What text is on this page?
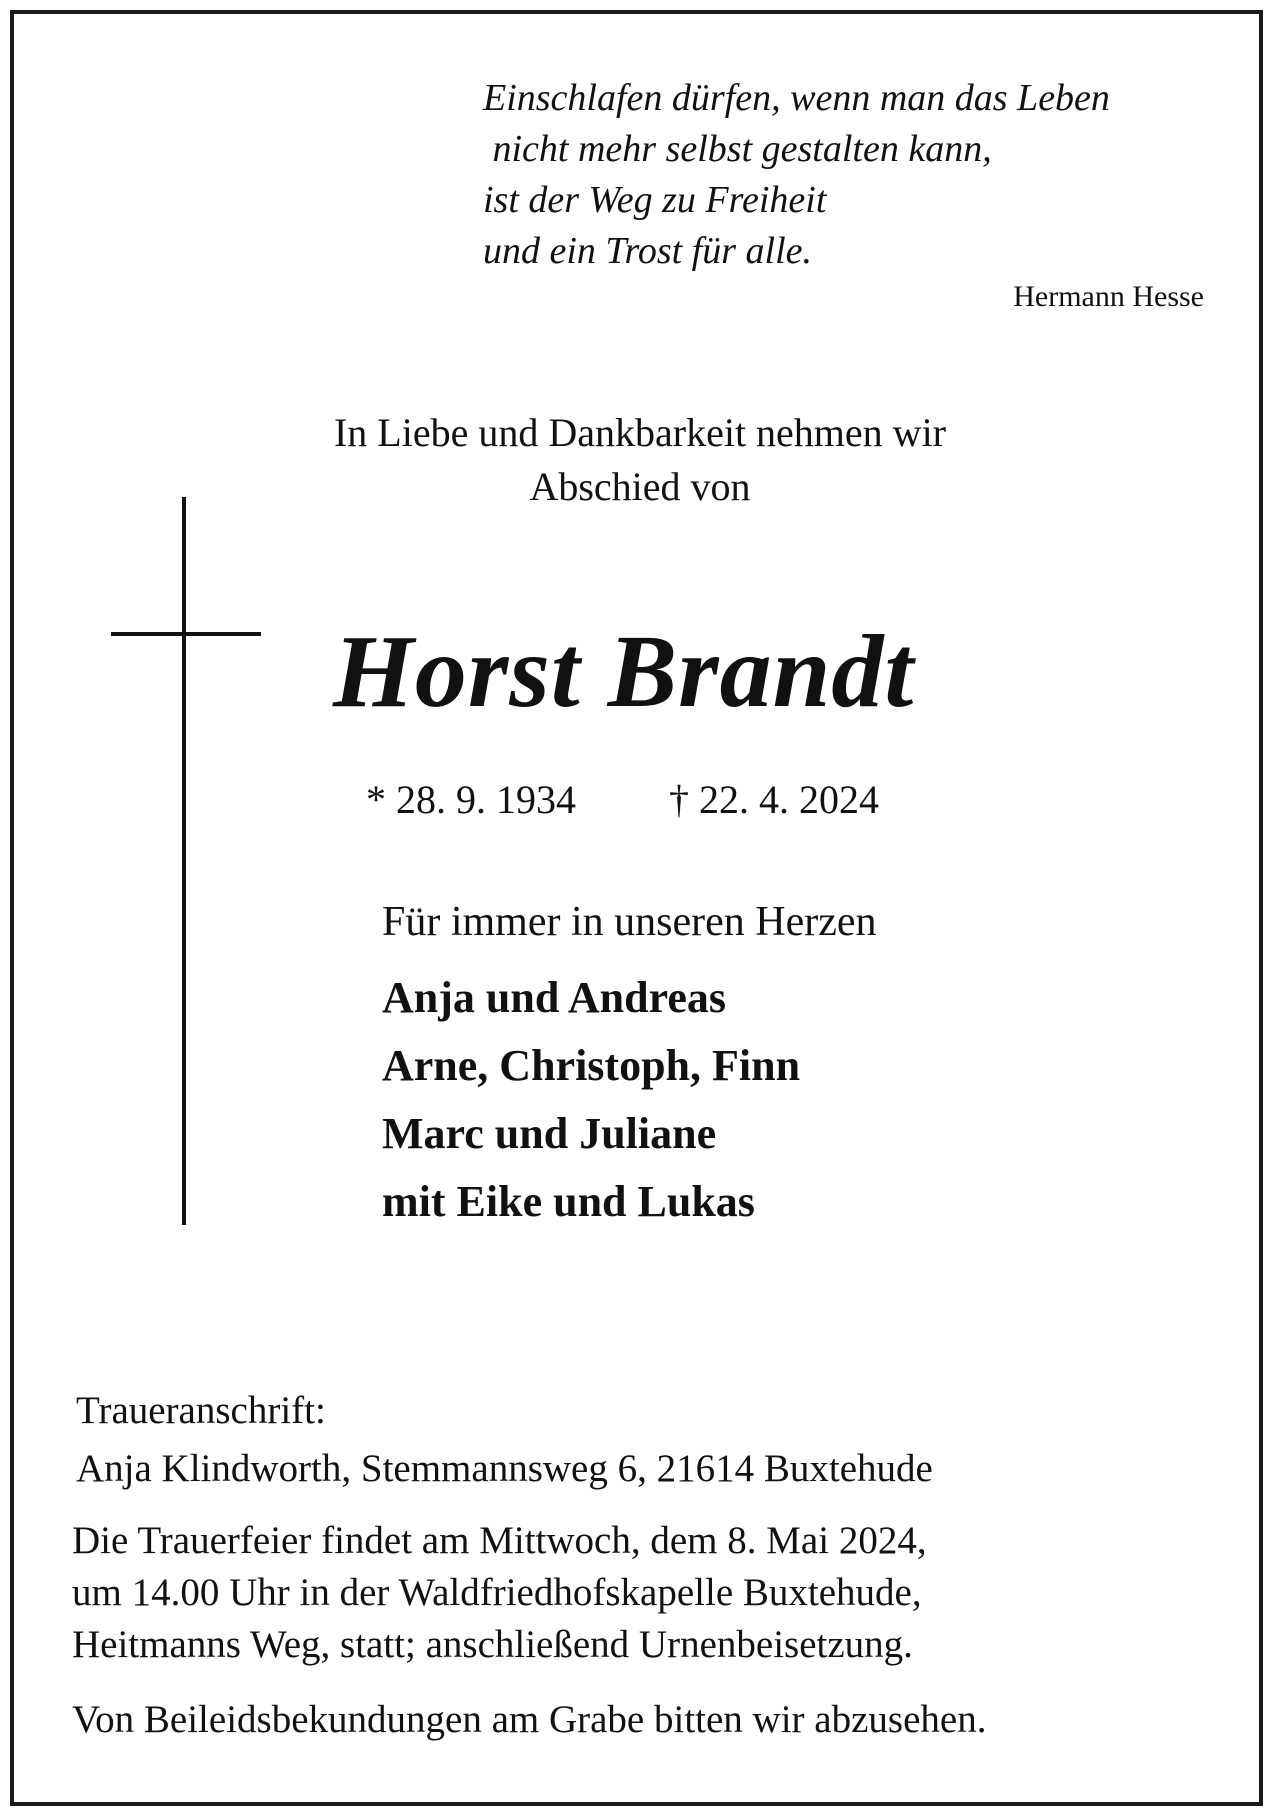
Einschlafen dürfen, wenn man das Leben
nicht mehr selbst gestalten kann,
ist der Weg zu Freiheit
und ein Trost für alle.
Hermann Hesse
In Liebe und Dankbarkeit nehmen wir
Abschied von
Horst Brandt
* 28. 9. 1934 † 22. 4. 2024
Für immer in unseren Herzen
Anja und Andreas
Arne, Christoph, Finn
Marc und Juliane
mit Eike und Lukas
Traueranschrift:
Anja Klindworth, Stemmannsweg 6, 21614 Buxtehude
Die Trauerfeier findet am Mittwoch, dem 8. Mai 2024,
um 14.00 Uhr in der Waldfriedhofskapelle Buxtehude,
Heitmanns Weg, statt; anschließend Urnenbeisetzung.
Von Beileidsbekundungen am Grabe bitten wir abzusehen.
